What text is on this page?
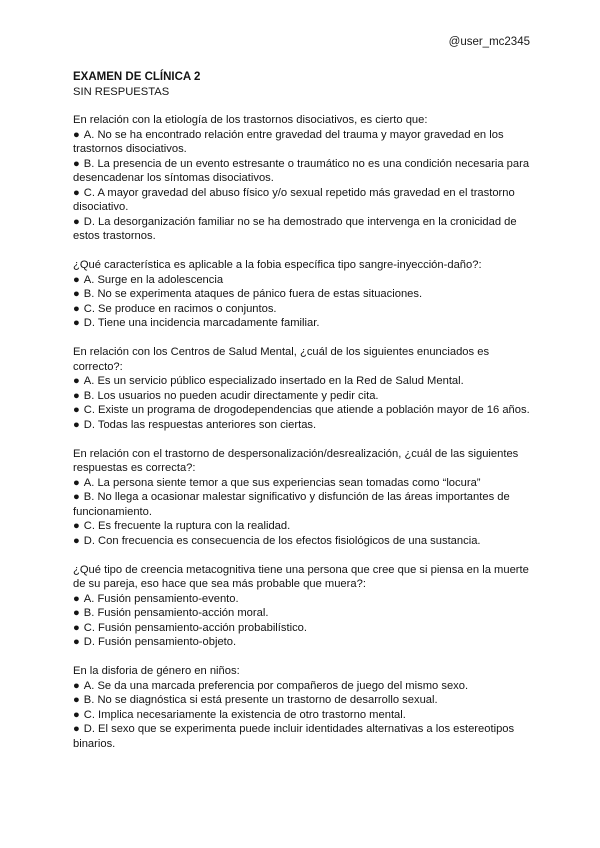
@user_mc2345
EXAMEN DE CLÍNICA 2
SIN RESPUESTAS
En relación con la etiología de los trastornos disociativos, es cierto que:
● A. No se ha encontrado relación entre gravedad del trauma y mayor gravedad en los trastornos disociativos.
● B. La presencia de un evento estresante o traumático no es una condición necesaria para desencadenar los síntomas disociativos.
● C. A mayor gravedad del abuso físico y/o sexual repetido más gravedad en el trastorno disociativo.
● D. La desorganización familiar no se ha demostrado que intervenga en la cronicidad de estos trastornos.
¿Qué característica es aplicable a la fobia específica tipo sangre-inyección-daño?:
● A. Surge en la adolescencia
● B. No se experimenta ataques de pánico fuera de estas situaciones.
● C. Se produce en racimos o conjuntos.
● D. Tiene una incidencia marcadamente familiar.
En relación con los Centros de Salud Mental, ¿cuál de los siguientes enunciados es correcto?:
● A. Es un servicio público especializado insertado en la Red de Salud Mental.
● B. Los usuarios no pueden acudir directamente y pedir cita.
● C. Existe un programa de drogodependencias que atiende a población mayor de 16 años.
● D. Todas las respuestas anteriores son ciertas.
En relación con el trastorno de despersonalización/desrealización, ¿cuál de las siguientes respuestas es correcta?:
● A. La persona siente temor a que sus experiencias sean tomadas como “locura”
● B. No llega a ocasionar malestar significativo y disfunción de las áreas importantes de funcionamiento.
● C. Es frecuente la ruptura con la realidad.
● D. Con frecuencia es consecuencia de los efectos fisiológicos de una sustancia.
¿Qué tipo de creencia metacognitiva tiene una persona que cree que si piensa en la muerte de su pareja, eso hace que sea más probable que muera?:
● A. Fusión pensamiento-evento.
● B. Fusión pensamiento-acción moral.
● C. Fusión pensamiento-acción probabilístico.
● D. Fusión pensamiento-objeto.
En la disforia de género en niños:
● A. Se da una marcada preferencia por compañeros de juego del mismo sexo.
● B. No se diagnóstica si está presente un trastorno de desarrollo sexual.
● C. Implica necesariamente la existencia de otro trastorno mental.
● D. El sexo que se experimenta puede incluir identidades alternativas a los estereotipos binarios.
